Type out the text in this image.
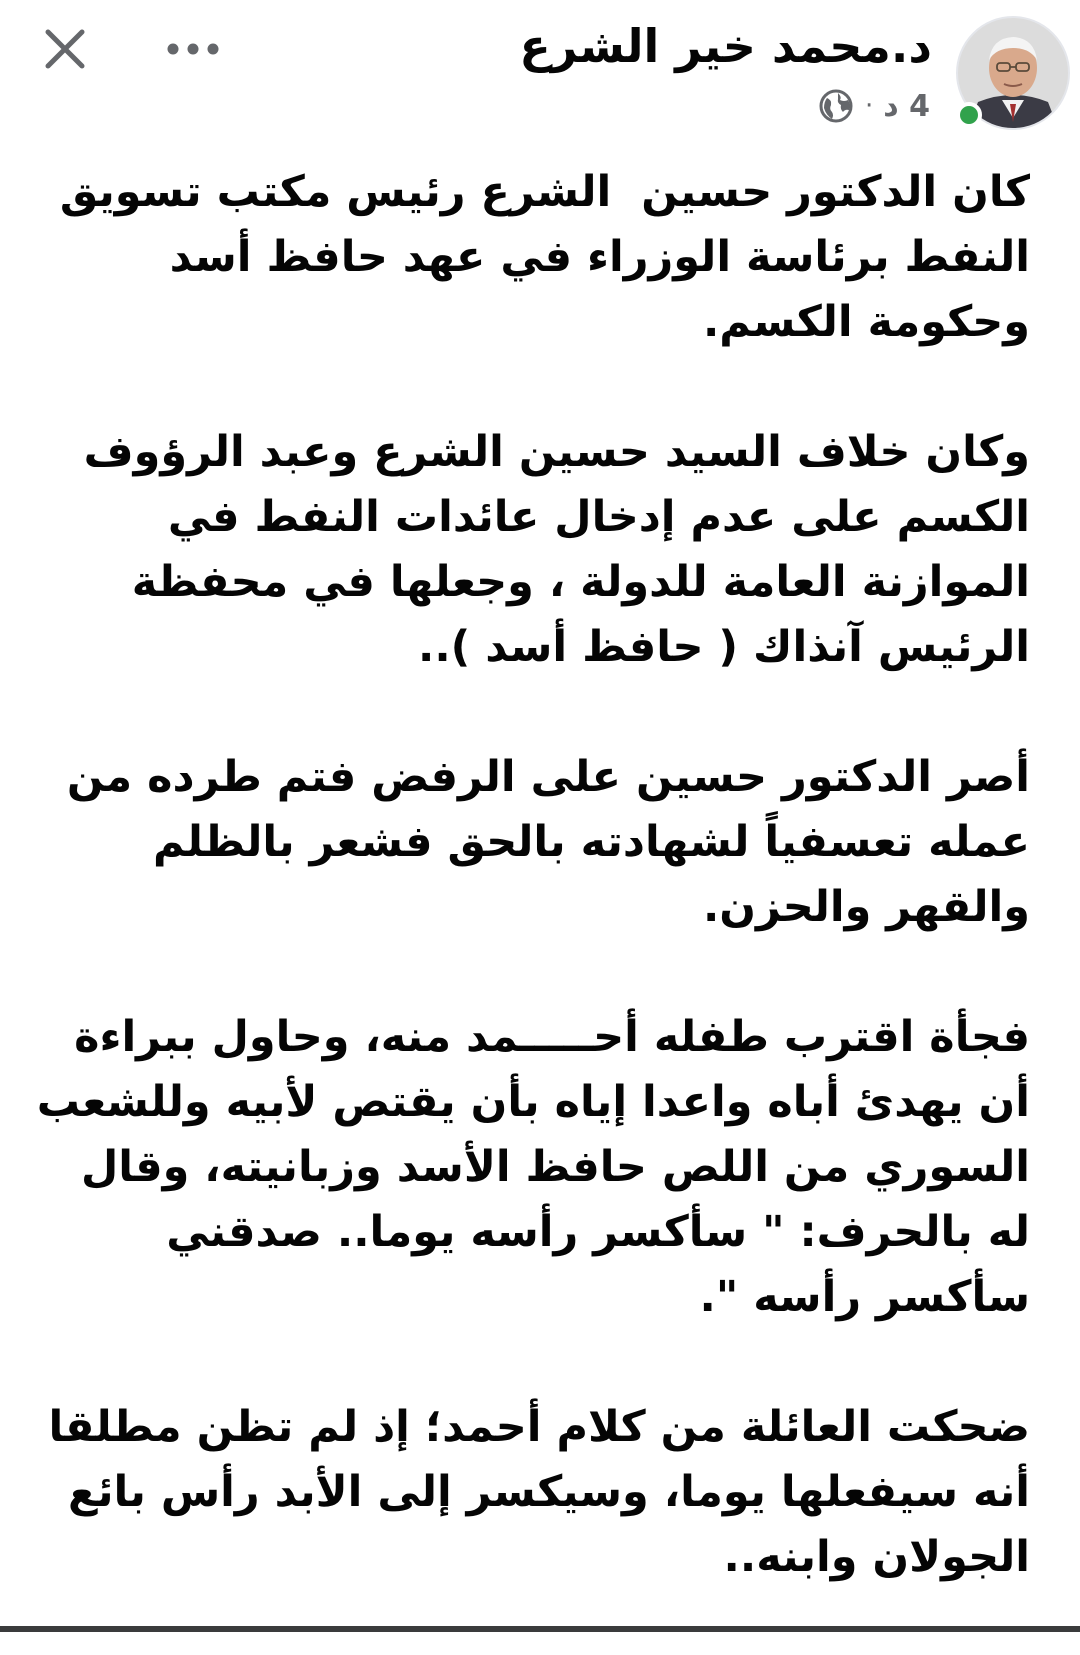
د.محمد خير الشرع
4 د
·

كان الدكتور حسين  الشرع رئيس مكتب تسويق النفط برئاسة الوزراء في عهد حافظ أسد وحكومة الكسم.

وكان خلاف السيد حسين الشرع وعبد الرؤوف الكسم على عدم إدخال عائدات النفط في الموازنة العامة للدولة ، وجعلها في محفظة الرئيس آنذاك ( حافظ أسد )..

أصر الدكتور حسين على الرفض فتم طرده من عمله تعسفياً لشهادته بالحق فشعر بالظلم والقهر والحزن.

فجأة اقترب طفله أحـــــمد منه، وحاول ببراءة أن يهدئ أباه واعدا إياه بأن يقتص لأبيه وللشعب السوري من اللص حافظ الأسد وزبانيته، وقال له بالحرف: " سأكسر رأسه يوما.. صدقني سأكسر رأسه ".

ضحكت العائلة من كلام أحمد؛ إذ لم تظن مطلقا أنه سيفعلها يوما، وسيكسر إلى الأبد رأس بائع الجولان وابنه..
